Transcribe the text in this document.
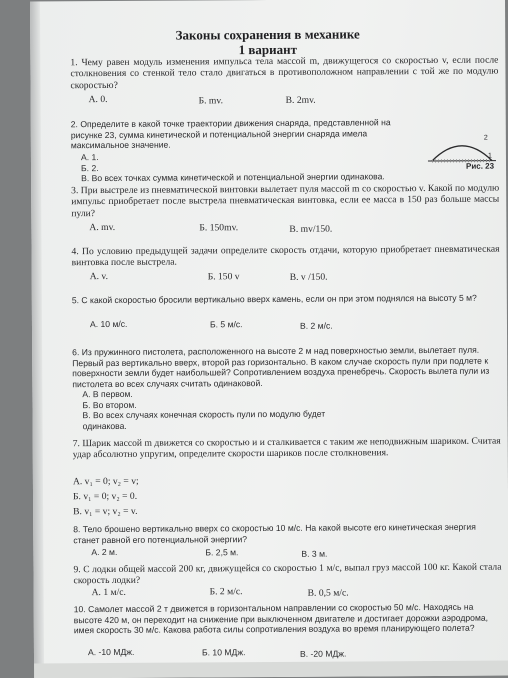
Законы сохранения в механике
1 вариант

1. Чему равен модуль изменения импульса тела массой m, движущегося со скоростью v, если после столкновения со стенкой тело стало двигаться в противоположном направлении с той же по модулю скоростью?

А. 0.	Б. mv.	В. 2mv.

2. Определите в какой точке траектории движения снаряда, представленной на рисунке 23, сумма кинетической и потенциальной энергии снаряда имела максимальное значение.

А. 1.

Б. 2.

В. Во всех точках сумма кинетической и потенциальной энергии одинакова.

2
1
Рис. 23

3. При выстреле из пневматической винтовки вылетает пуля массой m со скоростью v. Какой по модулю импульс приобретает после выстрела пневматическая винтовка, если ее масса в 150 раз больше массы пули?

А. mv.	Б. 150mv.	В. mv/150.

4. По условию предыдущей задачи определите скорость отдачи, которую приобретает пневматическая винтовка после выстрела.

А. v.	Б. 150 v	В. v /150.

5. С какой скоростью бросили вертикально вверх камень, если он при этом поднялся на высоту 5 м?

А. 10 м/с.	Б. 5 м/с.	В. 2 м/с.

6. Из пружинного пистолета, расположенного на высоте 2 м над поверхностью земли, вылетает пуля. Первый раз вертикально вверх, второй раз горизонтально. В каком случае скорость пули при подлете к поверхности земли будет наибольшей? Сопротивлением воздуха пренебречь. Скорость вылета пули из пистолета во всех случаях считать одинаковой.

А. В первом.

Б. Во втором.

В. Во всех случаях конечная скорость пули по модулю будет одинакова.

7. Шарик массой m движется со скоростью и и сталкивается с таким же неподвижным шариком. Считая удар абсолютно упругим, определите скорости шариков после столкновения.

А. v₁ = 0; v₂ = v;

Б. v₁ = 0; v₂ = 0.

В. v₁ = v; v₂ = v.

8. Тело брошено вертикально вверх со скоростью 10 м/с. На какой высоте его кинетическая энергия станет равной его потенциальной энергии?

А. 2 м.	Б. 2,5 м.	В. 3 м.

9. С лодки общей массой 200 кг, движущейся со скоростью 1 м/с, выпал груз массой 100 кг. Какой стала скорость лодки?

А. 1 м/с.	Б. 2 м/с.	В. 0,5 м/с.

10. Самолет массой 2 т движется в горизонтальном направлении со скоростью 50 м/с. Находясь на высоте 420 м, он переходит на снижение при выключенном двигателе и достигает дорожки аэродрома, имея скорость 30 м/с. Какова работа силы сопротивления воздуха во время планирующего полета?

А. -10 МДж.	Б. 10 МДж.	В. -20 МДж.
